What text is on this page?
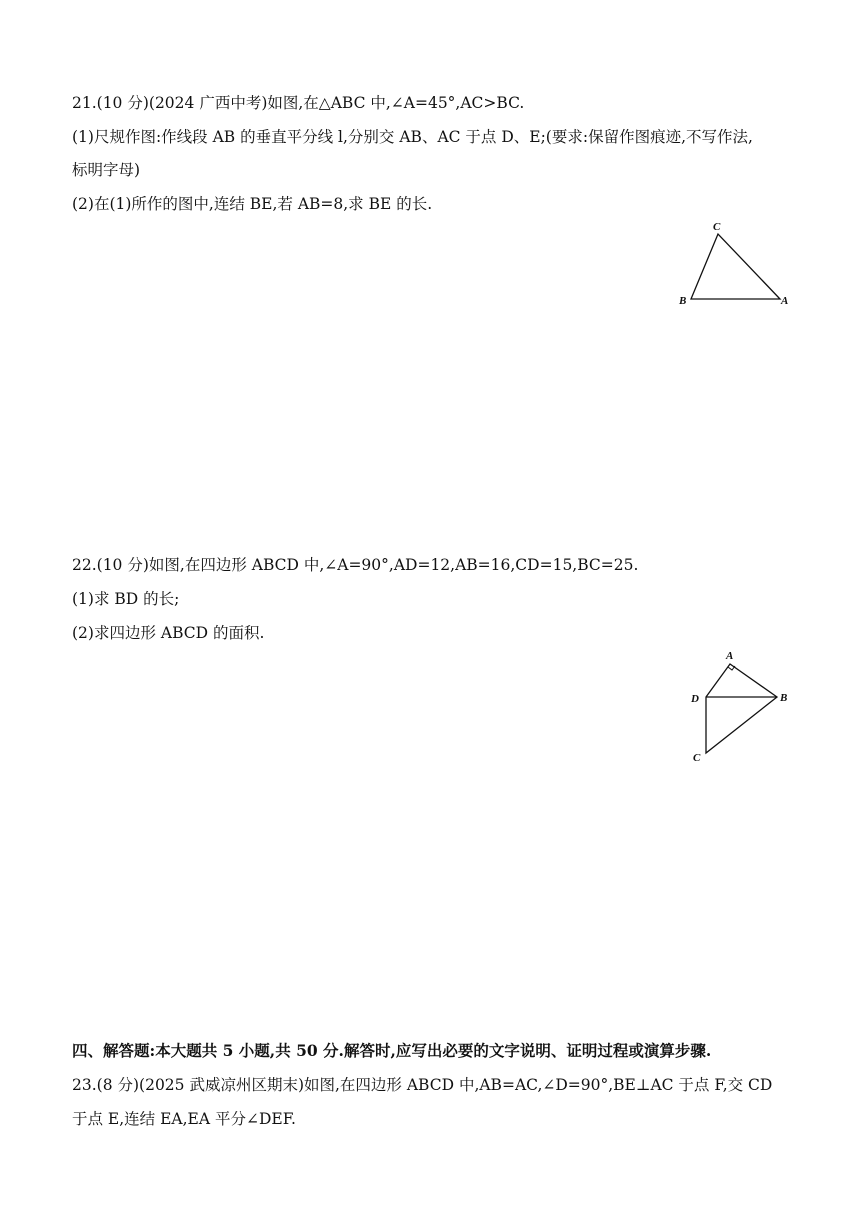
21.(10 分)(2024 广西中考)如图,在△ABC 中,∠A=45°,AC>BC.
(1)尺规作图:作线段 AB 的垂直平分线 l,分别交 AB、AC 于点 D、E;(要求:保留作图痕迹,不写作法,
标明字母)
(2)在(1)所作的图中,连结 BE,若 AB=8,求 BE 的长.
C
B	A
22.(10 分)如图,在四边形 ABCD 中,∠A=90°,AD=12,AB=16,CD=15,BC=25.
(1)求 BD 的长;
(2)求四边形 ABCD 的面积.
A
D	B
C
四、解答题:本大题共 5 小题,共 50 分.解答时,应写出必要的文字说明、证明过程或演算步骤.
23.(8 分)(2025 武威凉州区期末)如图,在四边形 ABCD 中,AB=AC,∠D=90°,BE⊥AC 于点 F,交 CD
于点 E,连结 EA,EA 平分∠DEF.
